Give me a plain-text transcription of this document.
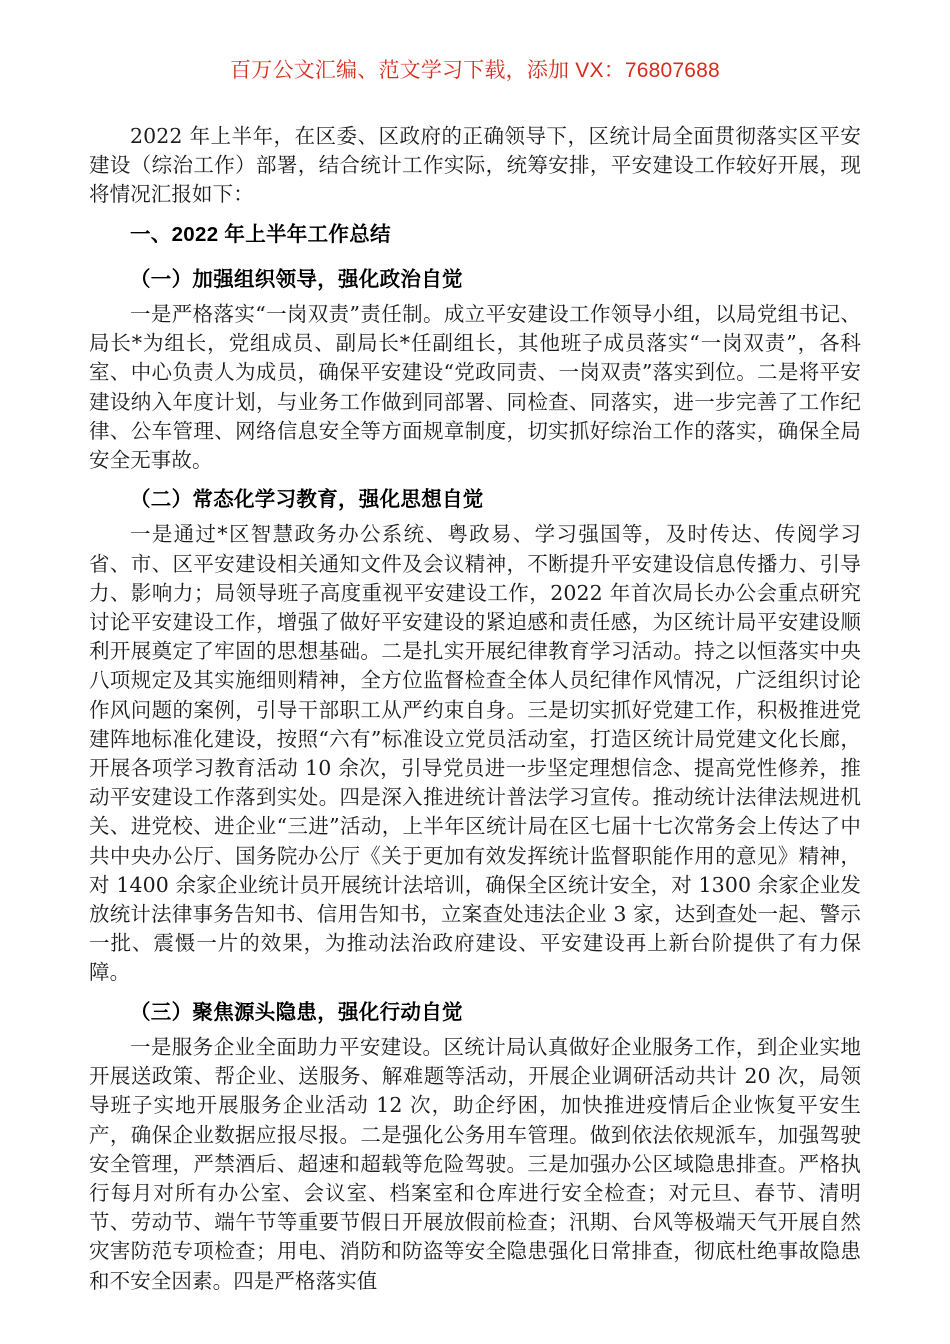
百万公文汇编、范文学习下载，添加 VX：76807688

2022 年上半年，在区委、区政府的正确领导下，区统计局全面贯彻落实区平安建设（综治工作）部署，结合统计工作实际，统筹安排，平安建设工作较好开展，现将情况汇报如下：

一、2022 年上半年工作总结
（一）加强组织领导，强化政治自觉

一是严格落实“一岗双责”责任制。成立平安建设工作领导小组，以局党组书记、局长*为组长，党组成员、副局长*任副组长，其他班子成员落实“一岗双责”，各科室、中心负责人为成员，确保平安建设“党政同责、一岗双责”落实到位。二是将平安建设纳入年度计划，与业务工作做到同部署、同检查、同落实，进一步完善了工作纪律、公车管理、网络信息安全等方面规章制度，切实抓好综治工作的落实，确保全局安全无事故。

（二）常态化学习教育，强化思想自觉

一是通过*区智慧政务办公系统、粤政易、学习强国等，及时传达、传阅学习省、市、区平安建设相关通知文件及会议精神，不断提升平安建设信息传播力、引导力、影响力；局领导班子高度重视平安建设工作，2022 年首次局长办公会重点研究讨论平安建设工作，增强了做好平安建设的紧迫感和责任感，为区统计局平安建设顺利开展奠定了牢固的思想基础。二是扎实开展纪律教育学习活动。持之以恒落实中央八项规定及其实施细则精神，全方位监督检查全体人员纪律作风情况，广泛组织讨论作风问题的案例，引导干部职工从严约束自身。三是切实抓好党建工作，积极推进党建阵地标准化建设，按照“六有”标准设立党员活动室，打造区统计局党建文化长廊，开展各项学习教育活动 10 余次，引导党员进一步坚定理想信念、提高党性修养，推动平安建设工作落到实处。四是深入推进统计普法学习宣传。推动统计法律法规进机关、进党校、进企业“三进”活动，上半年区统计局在区七届十七次常务会上传达了中共中央办公厅、国务院办公厅《关于更加有效发挥统计监督职能作用的意见》精神，对 1400 余家企业统计员开展统计法培训，确保全区统计安全，对 1300 余家企业发放统计法律事务告知书、信用告知书，立案查处违法企业 3 家，达到查处一起、警示一批、震慑一片的效果，为推动法治政府建设、平安建设再上新台阶提供了有力保障。

（三）聚焦源头隐患，强化行动自觉

一是服务企业全面助力平安建设。区统计局认真做好企业服务工作，到企业实地开展送政策、帮企业、送服务、解难题等活动，开展企业调研活动共计 20 次，局领导班子实地开展服务企业活动 12 次，助企纾困，加快推进疫情后企业恢复平安生产，确保企业数据应报尽报。二是强化公务用车管理。做到依法依规派车，加强驾驶安全管理，严禁酒后、超速和超载等危险驾驶。三是加强办公区域隐患排查。严格执行每月对所有办公室、会议室、档案室和仓库进行安全检查；对元旦、春节、清明节、劳动节、端午节等重要节假日开展放假前检查；汛期、台风等极端天气开展自然灾害防范专项检查；用电、消防和防盗等安全隐患强化日常排查，彻底杜绝事故隐患和不安全因素。四是严格落实值
